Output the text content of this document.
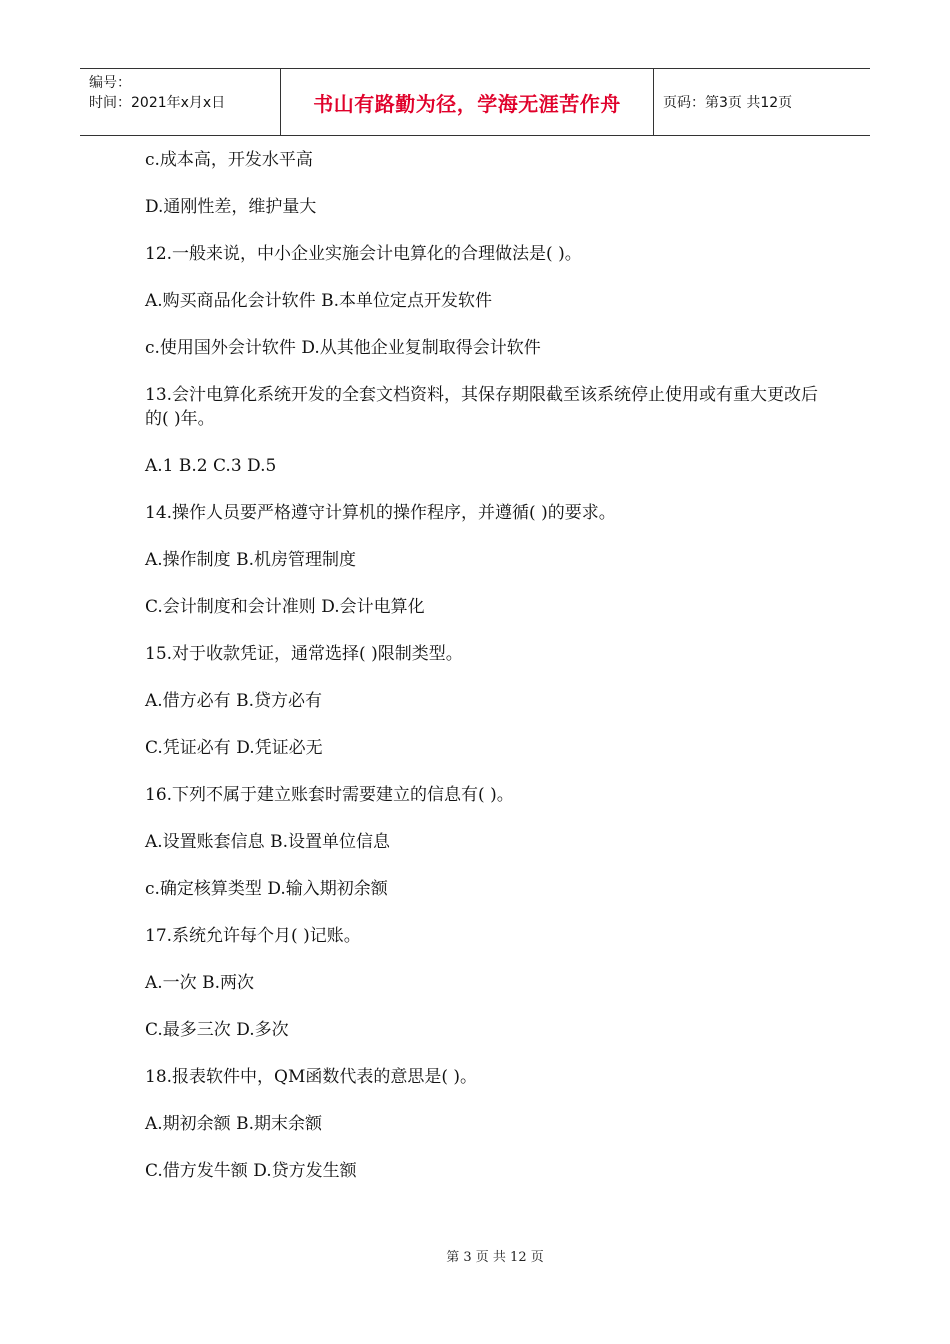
编号：
时间：2021年x月x日	书山有路勤为径，学海无涯苦作舟	页码：第3页 共12页

c.成本高，开发水平高

D.通刚性差，维护量大

12.一般来说，中小企业实施会计电算化的合理做法是( )。

A.购买商品化会计软件 B.本单位定点开发软件

c.使用国外会计软件 D.从其他企业复制取得会计软件

13.会汁电算化系统开发的全套文档资料，其保存期限截至该系统停止使用或有重大更改后的( )年。

A.1 B.2 C.3 D.5

14.操作人员要严格遵守计算机的操作程序，并遵循( )的要求。

A.操作制度 B.机房管理制度

C.会计制度和会计准则 D.会计电算化

15.对于收款凭证，通常选择( )限制类型。

A.借方必有 B.贷方必有

C.凭证必有 D.凭证必无

16.下列不属于建立账套时需要建立的信息有( )。

A.设置账套信息 B.设置单位信息

c.确定核算类型 D.输入期初余额

17.系统允许每个月( )记账。

A.一次 B.两次

C.最多三次 D.多次

18.报表软件中，QM函数代表的意思是( )。

A.期初余额 B.期末余额

C.借方发牛额 D.贷方发生额

第 3 页 共 12 页
